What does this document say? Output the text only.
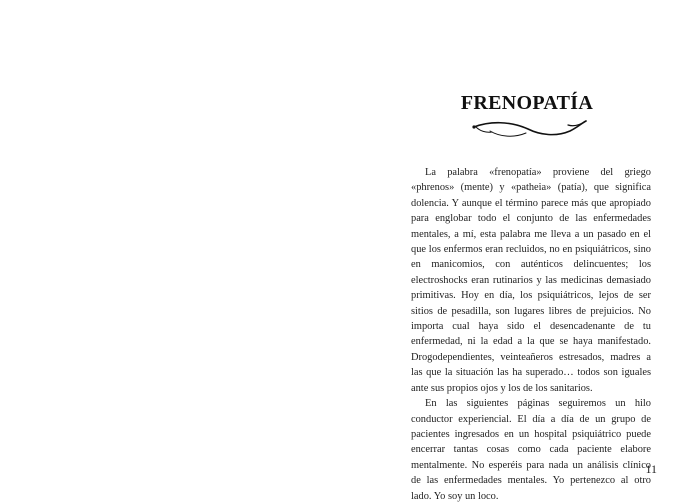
FRENOPATÍA

La palabra «frenopatía» proviene del griego «phrenos» (mente) y «patheia» (patía), que significa dolencia. Y aunque el término parece más que apropiado para englobar todo el conjunto de las enfermedades mentales, a mí, esta palabra me lleva a un pasado en el que los enfermos eran recluidos, no en psiquiátricos, sino en manicomios, con auténticos delincuentes; los electroshocks eran rutinarios y las medicinas demasiado primitivas. Hoy en día, los psiquiátricos, lejos de ser sitios de pesadilla, son lugares libres de prejuicios. No importa cual haya sido el desencadenante de tu enfermedad, ni la edad a la que se haya manifestado. Drogodependientes, veinteañeros estresados, madres a las que la situación las ha superado… todos son iguales ante sus propios ojos y los de los sanitarios.

En las siguientes páginas seguiremos un hilo conductor experiencial. El día a día de un grupo de pacientes ingresados en un hospital psiquiátrico puede encerrar tantas cosas como cada paciente elabore mentalmente. No esperéis para nada un análisis clínico de las enfermedades mentales. Yo pertenezco al otro lado. Yo soy un loco.

11
